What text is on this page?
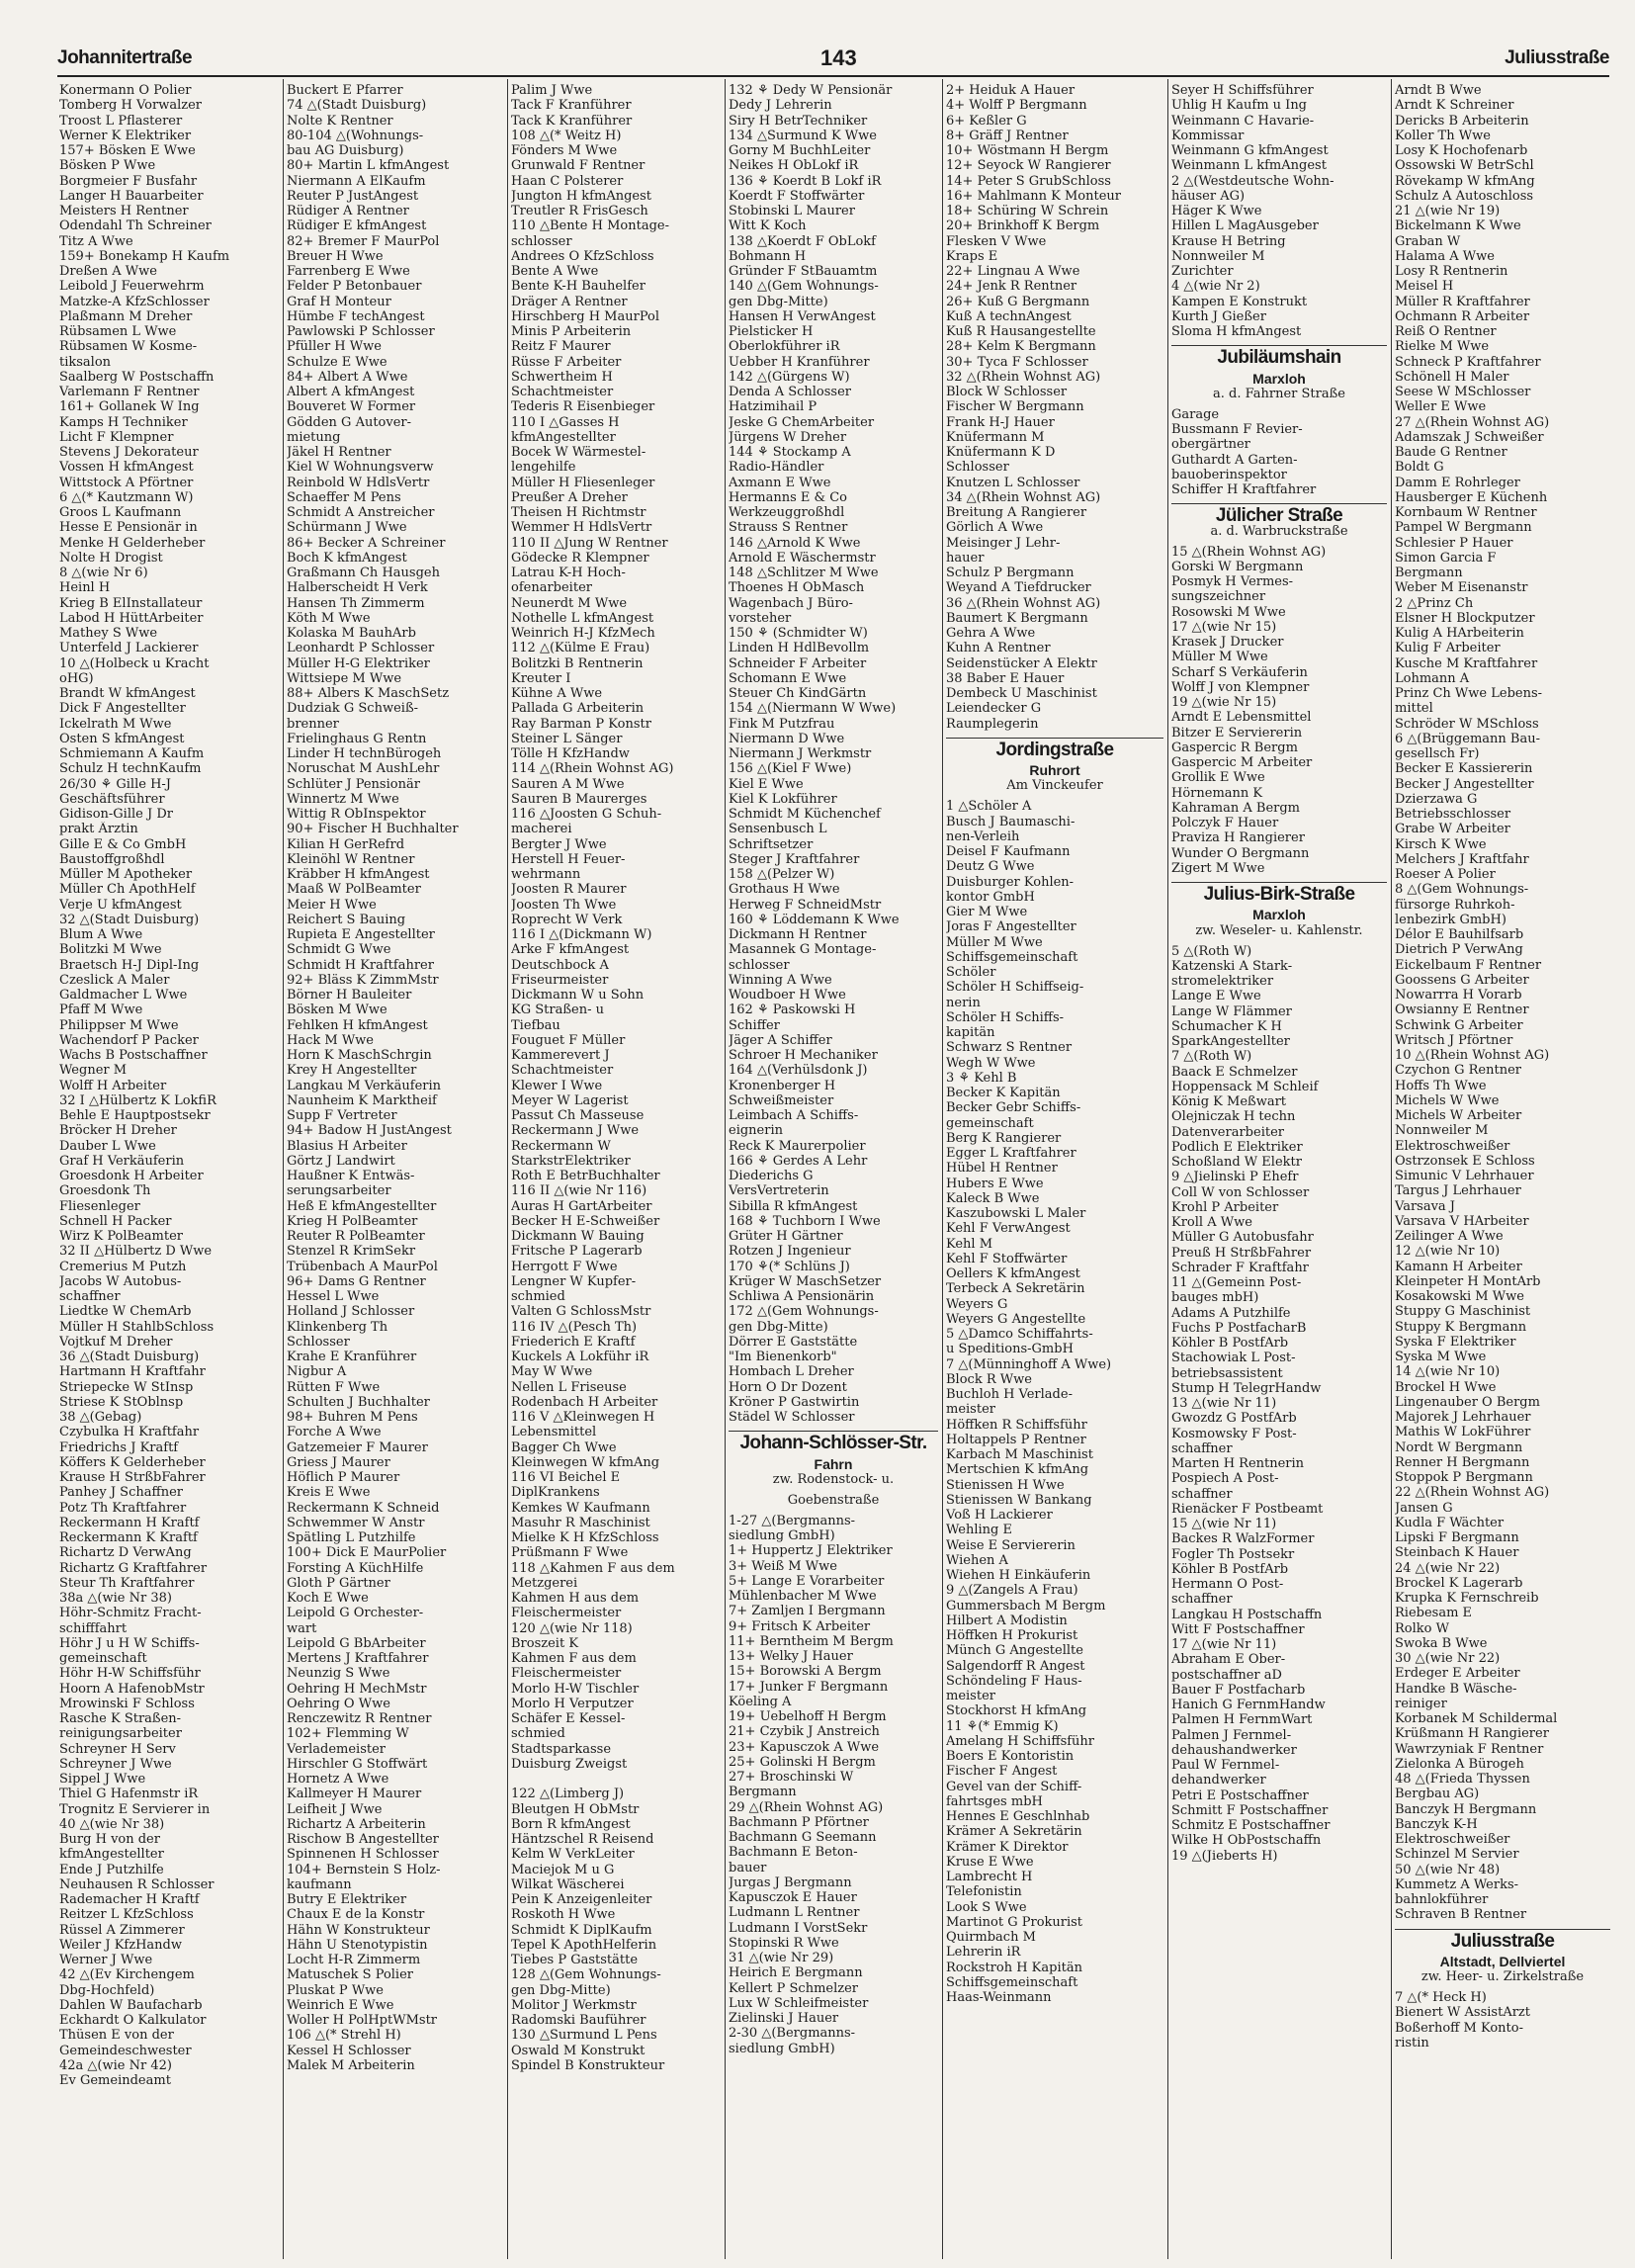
Johannitertraße	143	Juliusstraße
Konermann O Polier
Tomberg H Vorwalzer
Troost L Pflasterer
Werner K Elektriker
157+ Bösken E Wwe
Bösken P Wwe
Borgmeier F Busfahr
Langer H Bauarbeiter
Meisters H Rentner
Odendahl Th Schreiner
Titz A Wwe
159+ Bonekamp H Kaufm
Dreßen A Wwe
Leibold J Feuerwehrm
Matzke-A KfzSchlosser
Plaßmann M Dreher
Rübsamen L Wwe
Rübsamen W Kosme-
tiksalon
Saalberg W Postschaffn
Varlemann F Rentner
161+ Gollanek W Ing
Kamps H Techniker
Licht F Klempner
Stevens J Dekorateur
Vossen H kfmAngest
Wittstock A Pförtner
6 △(* Kautzmann W)
Groos L Kaufmann
Hesse E Pensionär in
Menke H Gelderheber
Nolte H Drogist
8 △(wie Nr 6)
Heinl H
Krieg B ElInstallateur
Labod H HüttArbeiter
Mathey S Wwe
Unterfeld J Lackierer
10 △(Holbeck u Kracht
oHG)
Brandt W kfmAngest
Dick F Angestellter
Ickelrath M Wwe
Osten S kfmAngest
Schmiemann A Kaufm
Schulz H technKaufm
26/30 ⚘ Gille H-J
Geschäftsführer
Gidison-Gille J Dr
prakt Ärztin
Gille E & Co GmbH
Baustoffgroßhdl
Müller M Apotheker
Müller Ch ApothHelf
Verje U kfmAngest
32 △(Stadt Duisburg)
Blum A Wwe
Bolitzki M Wwe
Braetsch H-J Dipl-Ing
Czeslick A Maler
Galdmacher L Wwe
Pfaff M Wwe
Philippser M Wwe
Wachendorf P Packer
Wachs B Postschaffner
Wegner M
Wolff H Arbeiter
32 I △Hülbertz K LokfiR
Behle E Hauptpostsekr
Bröcker H Dreher
Dauber L Wwe
Graf H Verkäuferin
Groesdonk H Arbeiter
Groesdonk Th
Fliesenleger
Schnell H Packer
Wirz K PolBeamter
32 II △Hülbertz D Wwe
Cremerius M Putzh
Jacobs W Autobus-
schaffner
Liedtke W ChemArb
Müller H StahlbSchloss
Vojtkuf M Dreher
36 △(Stadt Duisburg)
Hartmann H Kraftfahr
Striepecke W StInsp
Striese K StOblnsp
38 △(Gebag)
Czybulka H Kraftfahr
Friedrichs J Kraftf
Köffers K Gelderheber
Krause H StrßbFahrer
Panhey J Schaffner
Potz Th Kraftfahrer
Reckermann H Kraftf
Reckermann K Kraftf
Richartz D VerwAng
Richartz G Kraftfahrer
Steur Th Kraftfahrer
38a △(wie Nr 38)
Höhr-Schmitz Fracht-
schifffahrt
Höhr J u H W Schiffs-
gemeinschaft
Höhr H-W Schiffsführ
Hoorn A HafenobMstr
Mrowinski F Schloss
Rasche K Straßen-
reinigungsarbeiter
Schreyner H Serv
Schreyner J Wwe
Sippel J Wwe
Thiel G Hafenmstr iR
Trognitz E Servierer in
40 △(wie Nr 38)
Burg H von der
kfmAngestellter
Ende J Putzhilfe
Neuhausen R Schlosser
Rademacher H Kraftf
Reitzer L KfzSchloss
Rüssel A Zimmerer
Weiler J KfzHandw
Werner J Wwe
42 △(Ev Kirchengem
Dbg-Hochfeld)
Dahlen W Baufacharb
Eckhardt O Kalkulator
Thüsen E von der
Gemeindeschwester
42a △(wie Nr 42)
Ev Gemeindeamt
Buckert E Pfarrer
74 △(Stadt Duisburg)
Nolte K Rentner
80-104 △(Wohnungs-
bau AG Duisburg)
80+ Martin L kfmAngest
Niermann A ElKaufm
Reuter P JustAngest
Rüdiger A Rentner
Rüdiger E kfmAngest
82+ Bremer F MaurPol
Breuer H Wwe
Farrenberg E Wwe
Felder P Betonbauer
Graf H Monteur
Hümbe F techAngest
Pawlowski P Schlosser
Pfüller H Wwe
Schulze E Wwe
84+ Albert A Wwe
Albert A kfmAngest
Bouveret W Former
Gödden G Autover-
mietung
Jäkel H Rentner
Kiel W Wohnungsverw
Reinbold W HdlsVertr
Schaeffer M Pens
Schmidt A Anstreicher
Schürmann J Wwe
86+ Becker A Schreiner
Boch K kfmAngest
Graßmann Ch Hausgeh
Halberscheidt H Verk
Hansen Th Zimmerm
Köth M Wwe
Kolaska M BauhArb
Leonhardt P Schlosser
Müller H-G Elektriker
Wittsiepe M Wwe
88+ Albers K MaschSetz
Dudziak G Schweiß-
brenner
Frielinghaus G Rentn
Linder H technBürogeh
Noruschat M AushLehr
Schlüter J Pensionär
Winnertz M Wwe
Wittig R ObInspektor
90+ Fischer H Buchhalter
Kilian H GerRefrd
Kleinöhl W Rentner
Kräbber H kfmAngest
Maaß W PolBeamter
Meier H Wwe
Reichert S Bauing
Rupieta E Angestellter
Schmidt G Wwe
Schmidt H Kraftfahrer
92+ Bläss K ZimmMstr
Börner H Bauleiter
Bösken M Wwe
Fehlken H kfmAngest
Hack M Wwe
Horn K MaschSchrgin
Krey H Angestellter
Langkau M Verkäuferin
Naunheim K Marktheif
Supp F Vertreter
94+ Badow H JustAngest
Blasius H Arbeiter
Görtz J Landwirt
Haußner K Entwäs-
serungsarbeiter
Heß E kfmAngestellter
Krieg H PolBeamter
Reuter R PolBeamter
Stenzel R KrimSekr
Trübenbach A MaurPol
96+ Dams G Rentner
Hessel L Wwe
Holland J Schlosser
Klinkenberg Th
Schlosser
Krahe E Kranführer
Nigbur A
Rütten F Wwe
Schulten J Buchhalter
98+ Buhren M Pens
Forche A Wwe
Gatzemeier F Maurer
Griess J Maurer
Höflich P Maurer
Kreis E Wwe
Reckermann K Schneid
Schwemmer W Anstr
Spätling L Putzhilfe
100+ Dick E MaurPolier
Forsting A KüchHilfe
Gloth P Gärtner
Koch E Wwe
Leipold G Orchester-
wart
Leipold G BbArbeiter
Mertens J Kraftfahrer
Neunzig S Wwe
Oehring H MechMstr
Oehring O Wwe
Renczewitz R Rentner
102+ Flemming W
Verlademeister
Hirschler G Stoffwärt
Hornetz A Wwe
Kallmeyer H Maurer
Leifheit J Wwe
Richartz A Arbeiterin
Rischow B Angestellter
Spinnenen H Schlosser
104+ Bernstein S Holz-
kaufmann
Butry E Elektriker
Chaux E de la Konstr
Hähn W Konstrukteur
Hähn U Stenotypistin
Locht H-R Zimmerm
Matuschek S Polier
Pluskat P Wwe
Weinrich E Wwe
Woller H PolHptWMstr
106 △(* Strehl H)
Kessel H Schlosser
Malek M Arbeiterin
Palim J Wwe
Tack F Kranführer
Tack K Kranführer
108 △(* Weitz H)
Fönders M Wwe
Grunwald F Rentner
Haan C Polsterer
Jungton H kfmAngest
Treutler R FrisGesch
110 △Bente H Montage-
schlosser
Andrees O KfzSchloss
Bente A Wwe
Bente K-H Bauhelfer
Dräger A Rentner
Hirschberg H MaurPol
Minis P Arbeiterin
Reitz F Maurer
Rüsse F Arbeiter
Schwertheim H
Schachtmeister
Tederis R Eisenbieger
110 I △Gasses H
kfmAngestellter
Bocek W Wärmestel-
lengehilfe
Müller H Fliesenleger
Preußer A Dreher
Theisen H Richtmstr
Wemmer H HdlsVertr
110 II △Jung W Rentner
Gödecke R Klempner
Latrau K-H Hoch-
ofenarbeiter
Neunerdt M Wwe
Nothelle L kfmAngest
Weinrich H-J KfzMech
112 △(Külme E Frau)
Bolitzki B Rentnerin
Kreuter I
Kühne A Wwe
Pallada G Arbeiterin
Ray Barman P Konstr
Steiner L Sänger
Tölle H KfzHandw
114 △(Rhein Wohnst AG)
Sauren A M Wwe
Sauren B Maurerges
116 △Joosten G Schuh-
macherei
Bergter J Wwe
Herstell H Feuer-
wehrmann
Joosten R Maurer
Joosten Th Wwe
Roprecht W Verk
116 I △(Dickmann W)
Arke F kfmAngest
Deutschbock A
Friseurmeister
Dickmann W u Sohn
KG Straßen- u
Tiefbau
Fouguet F Müller
Kammerevert J
Schachtmeister
Klewer I Wwe
Meyer W Lagerist
Passut Ch Masseuse
Reckermann J Wwe
Reckermann W
StarkstrElektriker
Roth E BetrBuchhalter
116 II △(wie Nr 116)
Auras H GartArbeiter
Becker H E-Schweißer
Dickmann W Bauing
Fritsche P Lagerarb
Herrgott F Wwe
Lengner W Kupfer-
schmied
Valten G SchlossMstr
116 IV △(Pesch Th)
Friederich E Kraftf
Kuckels A Lokführ iR
May W Wwe
Nellen L Friseuse
Rodenbach H Arbeiter
116 V △Kleinwegen H
Lebensmittel
Bagger Ch Wwe
Kleinwegen W kfmAng
116 VI Beichel E
DiplKrankens
Kemkes W Kaufmann
Masuhr R Maschinist
Mielke K H KfzSchloss
Prüßmann F Wwe
118 △Kahmen F aus dem
Metzgerei
Kahmen H aus dem
Fleischermeister
120 △(wie Nr 118)
Broszeit K
Kahmen F aus dem
Fleischermeister
Morlo H-W Tischler
Morlo H Verputzer
Schäfer E Kessel-
schmied
Stadtsparkasse
Duisburg Zweigst

122 △(Limberg J)
Bleutgen H ObMstr
Born R kfmAngest
Häntzschel R Reisend
Kelm W VerkLeiter
Maciejok M u G
Wilkat Wäscherei
Pein K Anzeigenleiter
Roskoth H Wwe
Schmidt K DiplKaufm
Tepel K ApothHelferin
Tiebes P Gaststätte
128 △(Gem Wohnungs-
gen Dbg-Mitte)
Molitor J Werkmstr
Radomski Bauführer
130 △Surmund L Pens
Oswald M Konstrukt
Spindel B Konstrukteur
132 ⚘ Dedy W Pensionär
Dedy J Lehrerin
Siry H BetrTechniker
134 △Surmund K Wwe
Gorny M BuchhLeiter
Neikes H ObLokf iR
136 ⚘ Koerdt B Lokf iR
Koerdt F Stoffwärter
Stobinski L Maurer
Witt K Koch
138 △Koerdt F ObLokf
Bohmann H
Gründer F StBauamtm
140 △(Gem Wohnungs-
gen Dbg-Mitte)
Hansen H VerwAngest
Pielsticker H
Oberlokführer iR
Uebber H Kranführer
142 △(Gürgens W)
Denda A Schlosser
Hatzimihail P
Jeske G ChemArbeiter
Jürgens W Dreher
144 ⚘ Stockamp A
Radio-Händler
Axmann E Wwe
Hermanns E & Co
Werkzeuggroßhdl
Strauss S Rentner
146 △Arnold K Wwe
Arnold E Wäschermstr
148 △Schlitzer M Wwe
Thoenes H ObMasch
Wagenbach J Büro-
vorsteher
150 ⚘ (Schmidter W)
Linden H HdlBevollm
Schneider F Arbeiter
Schomann E Wwe
Steuer Ch KindGärtn
154 △(Niermann W Wwe)
Fink M Putzfrau
Niermann D Wwe
Niermann J Werkmstr
156 △(Kiel F Wwe)
Kiel E Wwe
Kiel K Lokführer
Schmidt M Küchenchef
Sensenbusch L
Schriftsetzer
Steger J Kraftfahrer
158 △(Pelzer W)
Grothaus H Wwe
Herweg F SchneidMstr
160 ⚘ Löddemann K Wwe
Dickmann H Rentner
Masannek G Montage-
schlosser
Winning A Wwe
Woudboer H Wwe
162 ⚘ Paskowski H
Schiffer
Jäger A Schiffer
Schroer H Mechaniker
164 △(Verhülsdonk J)
Kronenberger H
Schweißmeister
Leimbach A Schiffs-
eignerin
Reck K Maurerpolier
166 ⚘ Gerdes A Lehr
Diederichs G
VersVertreterin
Sibilla R kfmAngest
168 ⚘ Tuchborn I Wwe
Grüter H Gärtner
Rotzen J Ingenieur
170 ⚘(* Schlüns J)
Krüger W MaschSetzer
Schliwa A Pensionärin
172 △(Gem Wohnungs-
gen Dbg-Mitte)
Dörrer E Gaststätte
"Im Bienenkorb"
Hombach L Dreher
Horn O Dr Dozent
Kröner P Gastwirtin
Städel W Schlosser
Johann-Schlösser-Str.
Fahrn
zw. Rodenstock- u.
Goebenstraße
1-27 △(Bergmanns-
siedlung GmbH)
1+ Huppertz J Elektriker
3+ Weiß M Wwe
5+ Lange E Vorarbeiter
Mühlenbacher M Wwe
7+ Zamljen I Bergmann
9+ Fritsch K Arbeiter
11+ Berntheim M Bergm
13+ Welky J Hauer
15+ Borowski A Bergm
17+ Junker F Bergmann
Köeling A
19+ Uebelhoff H Bergm
21+ Czybik J Anstreich
23+ Kapusczok A Wwe
25+ Golinski H Bergm
27+ Broschinski W
Bergmann
29 △(Rhein Wohnst AG)
Bachmann P Pförtner
Bachmann G Seemann
Bachmann E Beton-
bauer
Jurgas J Bergmann
Kapusczok E Hauer
Ludmann L Rentner
Ludmann I VorstSekr
Stopinski R Wwe
31 △(wie Nr 29)
Heirich E Bergmann
Kellert P Schmelzer
Lux W Schleifmeister
Zielinski J Hauer
2-30 △(Bergmanns-
siedlung GmbH)
2+ Heiduk A Hauer
4+ Wolff P Bergmann
6+ Keßler G
8+ Gräff J Rentner
10+ Wöstmann H Bergm
12+ Seyock W Rangierer
14+ Peter S GrubSchloss
16+ Mahlmann K Monteur
18+ Schüring W Schrein
20+ Brinkhoff K Bergm
Flesken V Wwe
Kraps E
22+ Lingnau A Wwe
24+ Jenk R Rentner
26+ Kuß G Bergmann
Kuß A technAngest
Kuß R Hausangestellte
28+ Kelm K Bergmann
30+ Tyca F Schlosser
32 △(Rhein Wohnst AG)
Block W Schlosser
Fischer W Bergmann
Frank H-J Hauer
Knüfermann M
Knüfermann K D
Schlosser
Knutzen L Schlosser
34 △(Rhein Wohnst AG)
Breitung A Rangierer
Görlich A Wwe
Meisinger J Lehr-
hauer
Schulz P Bergmann
Weyand A Tiefdrucker
36 △(Rhein Wohnst AG)
Baumert K Bergmann
Gehra A Wwe
Kuhn A Rentner
Seidenstücker A Elektr
38 Baber E Hauer
Dembeck U Maschinist
Leiendecker G
Raumplegerin
Jordingstraße
Ruhrort
Am Vinckeufer
1 △Schöler A
Busch J Baumaschi-
nen-Verleih
Deisel F Kaufmann
Deutz G Wwe
Duisburger Kohlen-
kontor GmbH
Gier M Wwe
Joras F Angestellter
Müller M Wwe
Schiffsgemeinschaft
Schöler
Schöler H Schiffseig-
nerin
Schöler H Schiffs-
kapitän
Schwarz S Rentner
Wegh W Wwe
3 ⚘ Kehl B
Becker K Kapitän
Becker Gebr Schiffs-
gemeinschaft
Berg K Rangierer
Egger L Kraftfahrer
Hübel H Rentner
Hubers E Wwe
Kaleck B Wwe
Kaszubowski L Maler
Kehl F VerwAngest
Kehl M
Kehl F Stoffwärter
Oellers K kfmAngest
Terbeck A Sekretärin
Weyers G
Weyers G Angestellte
5 △Damco Schiffahrts-
u Speditions-GmbH
7 △(Münninghoff A Wwe)
Block R Wwe
Buchloh H Verlade-
meister
Höffken R Schiffsführ
Holtappels P Rentner
Karbach M Maschinist
Mertschien K kfmAng
Stienissen H Wwe
Stienissen W Bankang
Voß H Lackierer
Wehling E
Weise E Serviererin
Wiehen A
Wiehen H Einkäuferin
9 △(Zangels A Frau)
Gummersbach M Bergm
Hilbert A Modistin
Höffken H Prokurist
Münch G Angestellte
Salgendorff R Angest
Schöndeling F Haus-
meister
Stockhorst H kfmAng
11 ⚘(* Emmig K)
Amelang H Schiffsführ
Boers E Kontoristin
Fischer F Angest
Gevel van der Schiff-
fahrtsges mbH
Hennes E Geschlnhab
Krämer A Sekretärin
Krämer K Direktor
Kruse E Wwe
Lambrecht H
Telefonistin
Look S Wwe
Martinot G Prokurist
Quirmbach M
Lehrerin iR
Rockstroh H Kapitän
Schiffsgemeinschaft
Haas-Weinmann
Seyer H Schiffsführer
Uhlig H Kaufm u Ing
Weinmann C Havarie-
Kommissar
Weinmann G kfmAngest
Weinmann L kfmAngest
2 △(Westdeutsche Wohn-
häuser AG)
Häger K Wwe
Hillen L MagAusgeber
Krause H Betring
Nonnweiler M
Zurichter
4 △(wie Nr 2)
Kampen E Konstrukt
Kurth J Gießer
Sloma H kfmAngest
Jubiläumshain
Marxloh
a. d. Fahrner Straße
Garage
Bussmann F Revier-
obergärtner
Guthardt A Garten-
bauoberinspektor
Schiffer H Kraftfahrer
Jülicher Straße
a. d. Warbruckstraße
15 △(Rhein Wohnst AG)
Gorski W Bergmann
Posmyk H Vermes-
sungszeichner
Rosowski M Wwe
17 △(wie Nr 15)
Krasek J Drucker
Müller M Wwe
Scharf S Verkäuferin
Wolff J von Klempner
19 △(wie Nr 15)
Arndt E Lebensmittel
Bitzer E Serviererin
Gaspercic R Bergm
Gaspercic M Arbeiter
Grollik E Wwe
Hörnemann K
Kahraman A Bergm
Polczyk F Hauer
Praviza H Rangierer
Wunder O Bergmann
Zigert M Wwe
Julius-Birk-Straße
Marxloh
zw. Weseler- u. Kahlenstr.
5 △(Roth W)
Katzenski A Stark-
stromelektriker
Lange E Wwe
Lange W Flämmer
Schumacher K H
SparkAngestellter
7 △(Roth W)
Baack E Schmelzer
Hoppensack M Schleif
König K Meßwart
Olejniczak H techn
Datenverarbeiter
Podlich E Elektriker
Schoßland W Elektr
9 △Jielinski P Ehefr
Coll W von Schlosser
Krohl P Arbeiter
Kroll A Wwe
Müller G Autobusfahr
Preuß H StrßbFahrer
Schrader F Kraftfahr
11 △(Gemeinn Post-
bauges mbH)
Adams A Putzhilfe
Fuchs P PostfacharB
Köhler B PostfArb
Stachowiak L Post-
betriebsassistent
Stump H TelegrHandw
13 △(wie Nr 11)
Gwozdz G PostfArb
Kosmowsky F Post-
schaffner
Marten H Rentnerin
Pospiech A Post-
schaffner
Rienäcker F Postbeamt
15 △(wie Nr 11)
Backes R WalzFormer
Fogler Th Postsekr
Köhler B PostfArb
Hermann O Post-
schaffner
Langkau H Postschaffn
Witt F Postschaffner
17 △(wie Nr 11)
Abraham E Ober-
postschaffner aD
Bauer F Postfacharb
Hanich G FernmHandw
Palmen H FernmWart
Palmen J Fernmel-
dehaushandwerker
Paul W Fernmel-
dehandwerker
Petri E Postschaffner
Schmitt F Postschaffner
Schmitz E Postschaffner
Wilke H ObPostschaffn
19 △(Jieberts H)
Arndt B Wwe
Arndt K Schreiner
Dericks B Arbeiterin
Koller Th Wwe
Losy K Hochofenarb
Ossowski W BetrSchl
Rövekamp W kfmAng
Schulz A Autoschloss
21 △(wie Nr 19)
Bickelmann K Wwe
Graban W
Halama A Wwe
Losy R Rentnerin
Meisel H
Müller R Kraftfahrer
Ochmann R Arbeiter
Reiß O Rentner
Rielke M Wwe
Schneck P Kraftfahrer
Schönell H Maler
Seese W MSchlosser
Weller E Wwe
27 △(Rhein Wohnst AG)
Adamszak J Schweißer
Baude G Rentner
Boldt G
Damm E Rohrleger
Hausberger E Küchenh
Kornbaum W Rentner
Pampel W Bergmann
Schlesier P Hauer
Simon Garcia F
Bergmann
Weber M Eisenanstr
2 △Prinz Ch
Elsner H Blockputzer
Kulig A HArbeiterin
Kulig F Arbeiter
Kusche M Kraftfahrer
Lohmann A
Prinz Ch Wwe Lebens-
mittel
Schröder W MSchloss
6 △(Brüggemann Bau-
gesellsch Fr)
Becker E Kassiererin
Becker J Angestellter
Dzierzawa G
Betriebsschlosser
Grabe W Arbeiter
Kirsch K Wwe
Melchers J Kraftfahr
Roeser A Polier
8 △(Gem Wohnungs-
fürsorge Ruhrkoh-
lenbezirk GmbH)
Délor E Bauhilfsarb
Dietrich P VerwAng
Eickelbaum F Rentner
Goossens G Arbeiter
Nowarrra H Vorarb
Owsianny E Rentner
Schwink G Arbeiter
Writsch J Pförtner
10 △(Rhein Wohnst AG)
Czychon G Rentner
Hoffs Th Wwe
Michels W Wwe
Michels W Arbeiter
Nonnweiler M
Elektroschweißer
Ostrzonsek E Schloss
Simunic V Lehrhauer
Targus J Lehrhauer
Varsava J
Varsava V HArbeiter
Zeilinger A Wwe
12 △(wie Nr 10)
Kamann H Arbeiter
Kleinpeter H MontArb
Kosakowski M Wwe
Stuppy G Maschinist
Stuppy K Bergmann
Syska F Elektriker
Syska M Wwe
14 △(wie Nr 10)
Brockel H Wwe
Lingenauber O Bergm
Majorek J Lehrhauer
Mathis W LokFührer
Nordt W Bergmann
Renner H Bergmann
Stoppok P Bergmann
22 △(Rhein Wohnst AG)
Jansen G
Kudla F Wächter
Lipski F Bergmann
Steinbach K Hauer
24 △(wie Nr 22)
Brockel K Lagerarb
Krupka K Fernschreib
Riebesam E
Rolko W
Swoka B Wwe
30 △(wie Nr 22)
Erdeger E Arbeiter
Handke B Wäsche-
reiniger
Korbanek M Schildermal
Krüßmann H Rangierer
Wawrzyniak F Rentner
Zielonka A Bürogeh
48 △(Frieda Thyssen
Bergbau AG)
Banczyk H Bergmann
Banczyk K-H
Elektroschweißer
Schinzel M Servier
50 △(wie Nr 48)
Kummetz A Werks-
bahnlokführer
Schraven B Rentner
Juliusstraße
Altstadt, Dellviertel
zw. Heer- u. Zirkelstraße
7 △(* Heck H)
Bienert W AssistArzt
Boßerhoff M Konto-
ristin
